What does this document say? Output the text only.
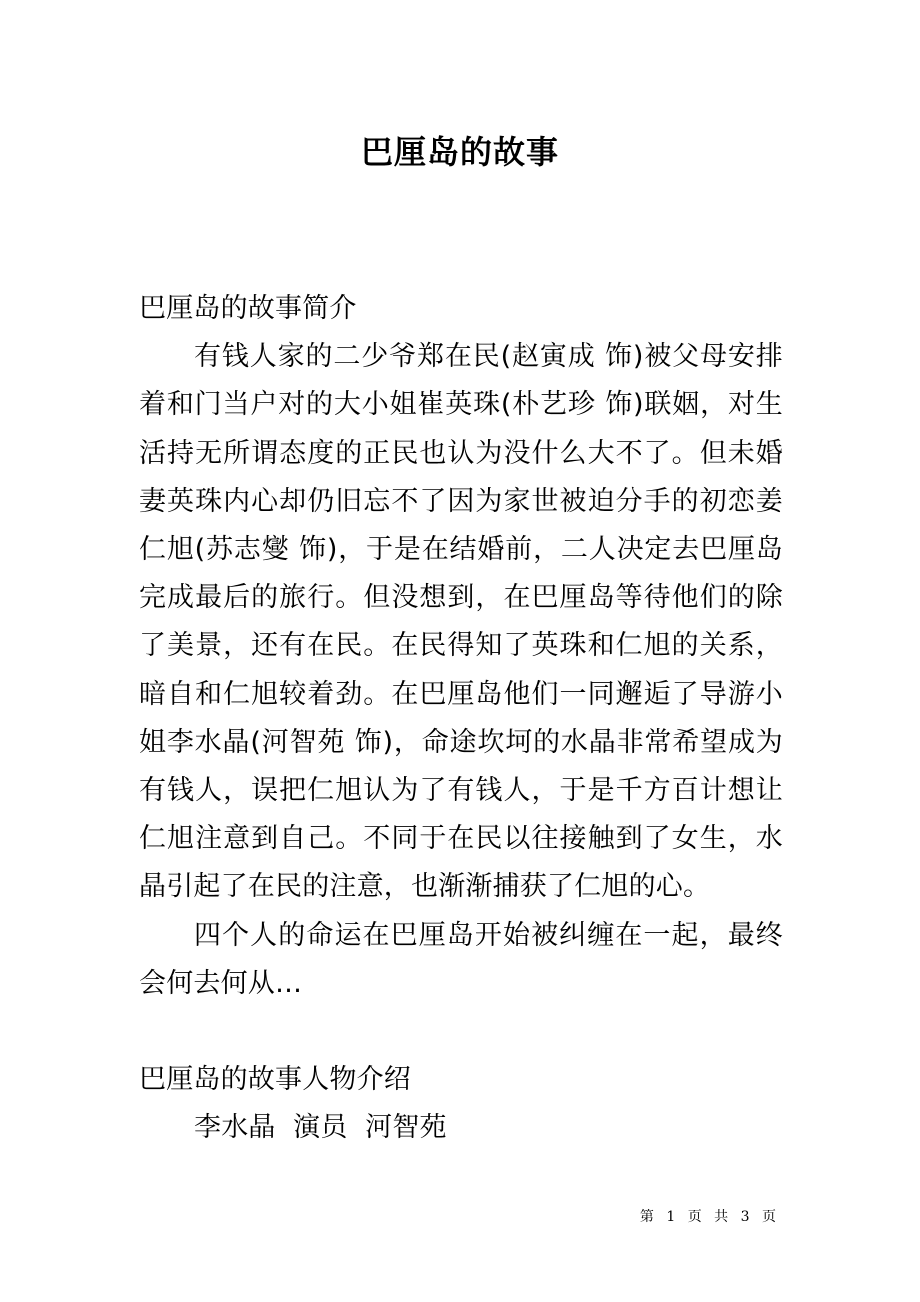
巴厘岛的故事
巴厘岛的故事简介

有钱人家的二少爷郑在民(赵寅成 饰)被父母安排着和门当户对的大小姐崔英珠(朴艺珍 饰)联姻，对生活持无所谓态度的正民也认为没什么大不了。但未婚妻英珠内心却仍旧忘不了因为家世被迫分手的初恋姜仁旭(苏志燮 饰)，于是在结婚前，二人决定去巴厘岛完成最后的旅行。但没想到，在巴厘岛等待他们的除了美景，还有在民。在民得知了英珠和仁旭的关系，暗自和仁旭较着劲。在巴厘岛他们一同邂逅了导游小姐李水晶(河智苑 饰)，命途坎坷的水晶非常希望成为有钱人，误把仁旭认为了有钱人，于是千方百计想让仁旭注意到自己。不同于在民以往接触到了女生，水晶引起了在民的注意，也渐渐捕获了仁旭的心。

四个人的命运在巴厘岛开始被纠缠在一起，最终会何去何从…

巴厘岛的故事人物介绍

李水晶  演员  河智苑

第 1 页 共 3 页
